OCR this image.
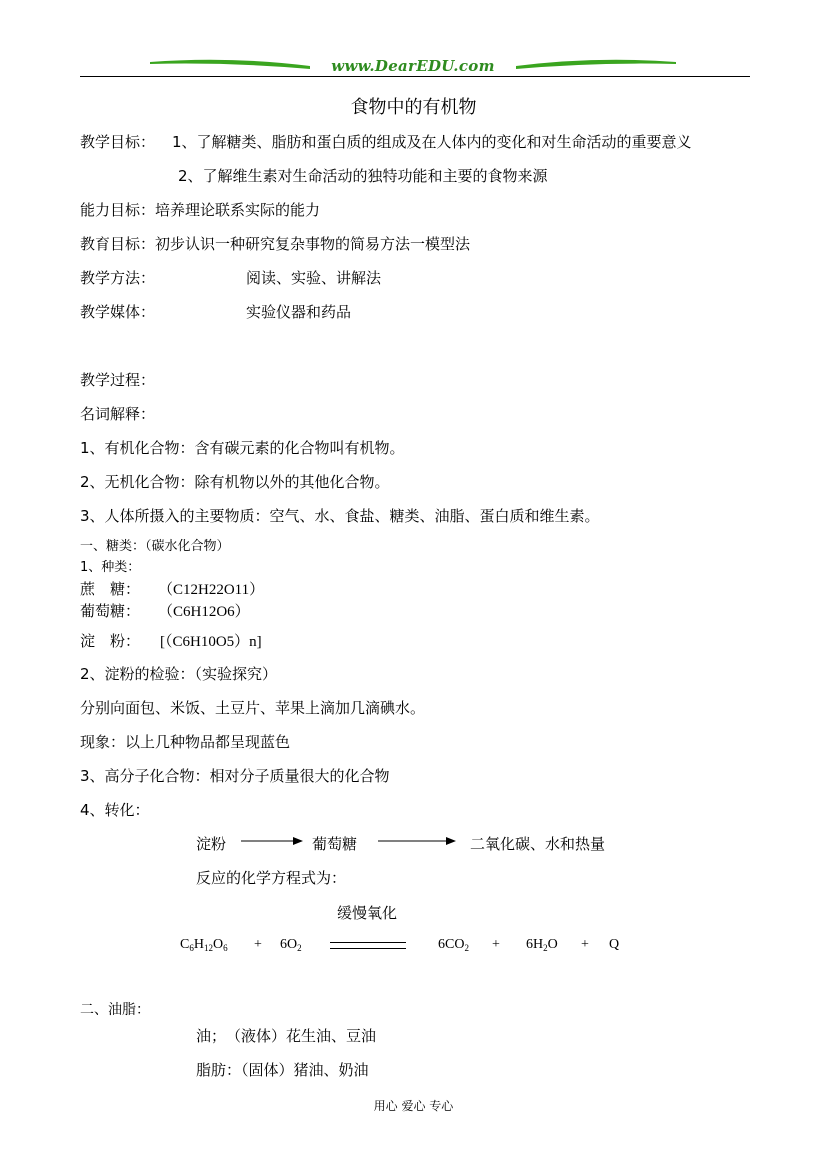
www.DearEDU.com
食物中的有机物
教学目标： 1、了解糖类、脂肪和蛋白质的组成及在人体内的变化和对生命活动的重要意义
2、了解维生素对生命活动的独特功能和主要的食物来源
能力目标：培养理论联系实际的能力
教育目标：初步认识一种研究复杂事物的简易方法一模型法
教学方法：	阅读、实验、讲解法
教学媒体：	实验仪器和药品
教学过程：
名词解释：
1、有机化合物：含有碳元素的化合物叫有机物。
2、无机化合物：除有机物以外的其他化合物。
3、人体所摄入的主要物质：空气、水、食盐、糖类、油脂、蛋白质和维生素。
一、糖类：（碳水化合物）
1、种类：
蔗　糖： （C12H22O11）
葡萄糖： （C6H12O6）
淀　粉： [（C6H10O5）n]
2、淀粉的检验：（实验探究）
分别向面包、米饭、土豆片、苹果上滴加几滴碘水。
现象：以上几种物品都呈现蓝色
3、高分子化合物：相对分子质量很大的化合物
4、转化：
淀粉	葡萄糖	二氧化碳、水和热量
反应的化学方程式为：
缓慢氧化
$C_6H_{12}O_6 + 6O_2$	$6CO_2 + 6H_2O + Q$
二、油脂：
油；　（液体）花生油、豆油
脂肪：（固体）猪油、奶油
用心 爱心 专心
